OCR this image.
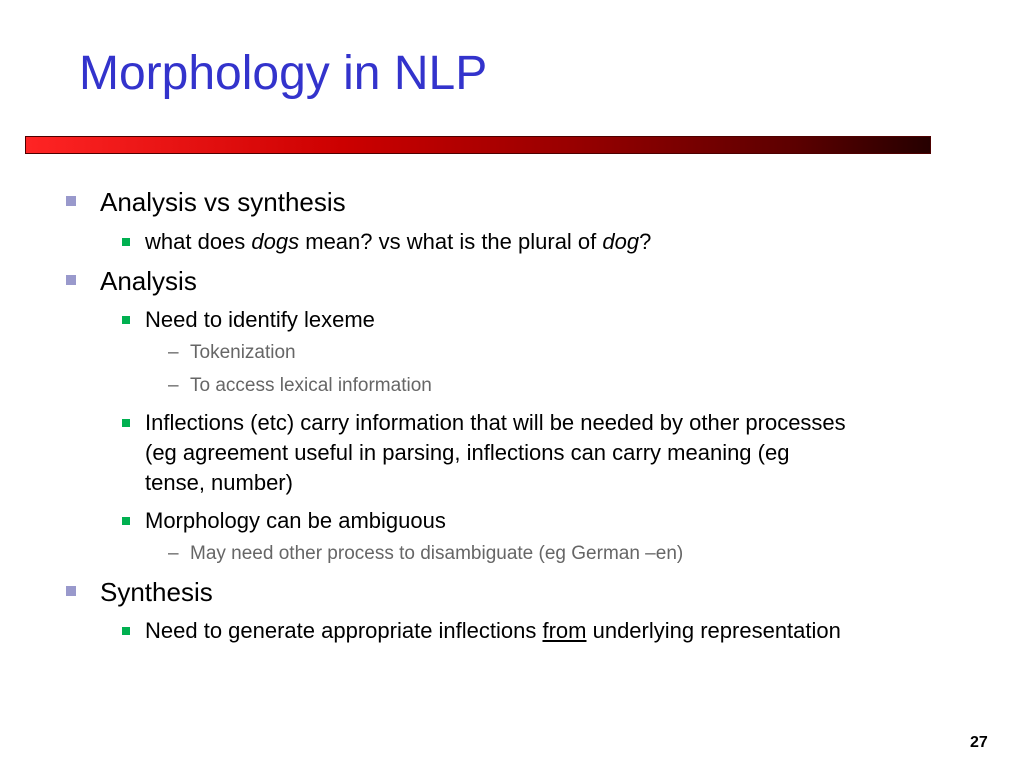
Morphology in NLP
Analysis vs synthesis
what does dogs mean? vs what is the plural of dog?
Analysis
Need to identify lexeme
– Tokenization
– To access lexical information
Inflections (etc) carry information that will be needed by other processes
(eg agreement useful in parsing, inflections can carry meaning (eg
tense, number)
Morphology can be ambiguous
– May need other process to disambiguate (eg German –en)
Synthesis
Need to generate appropriate inflections from underlying representation
27
